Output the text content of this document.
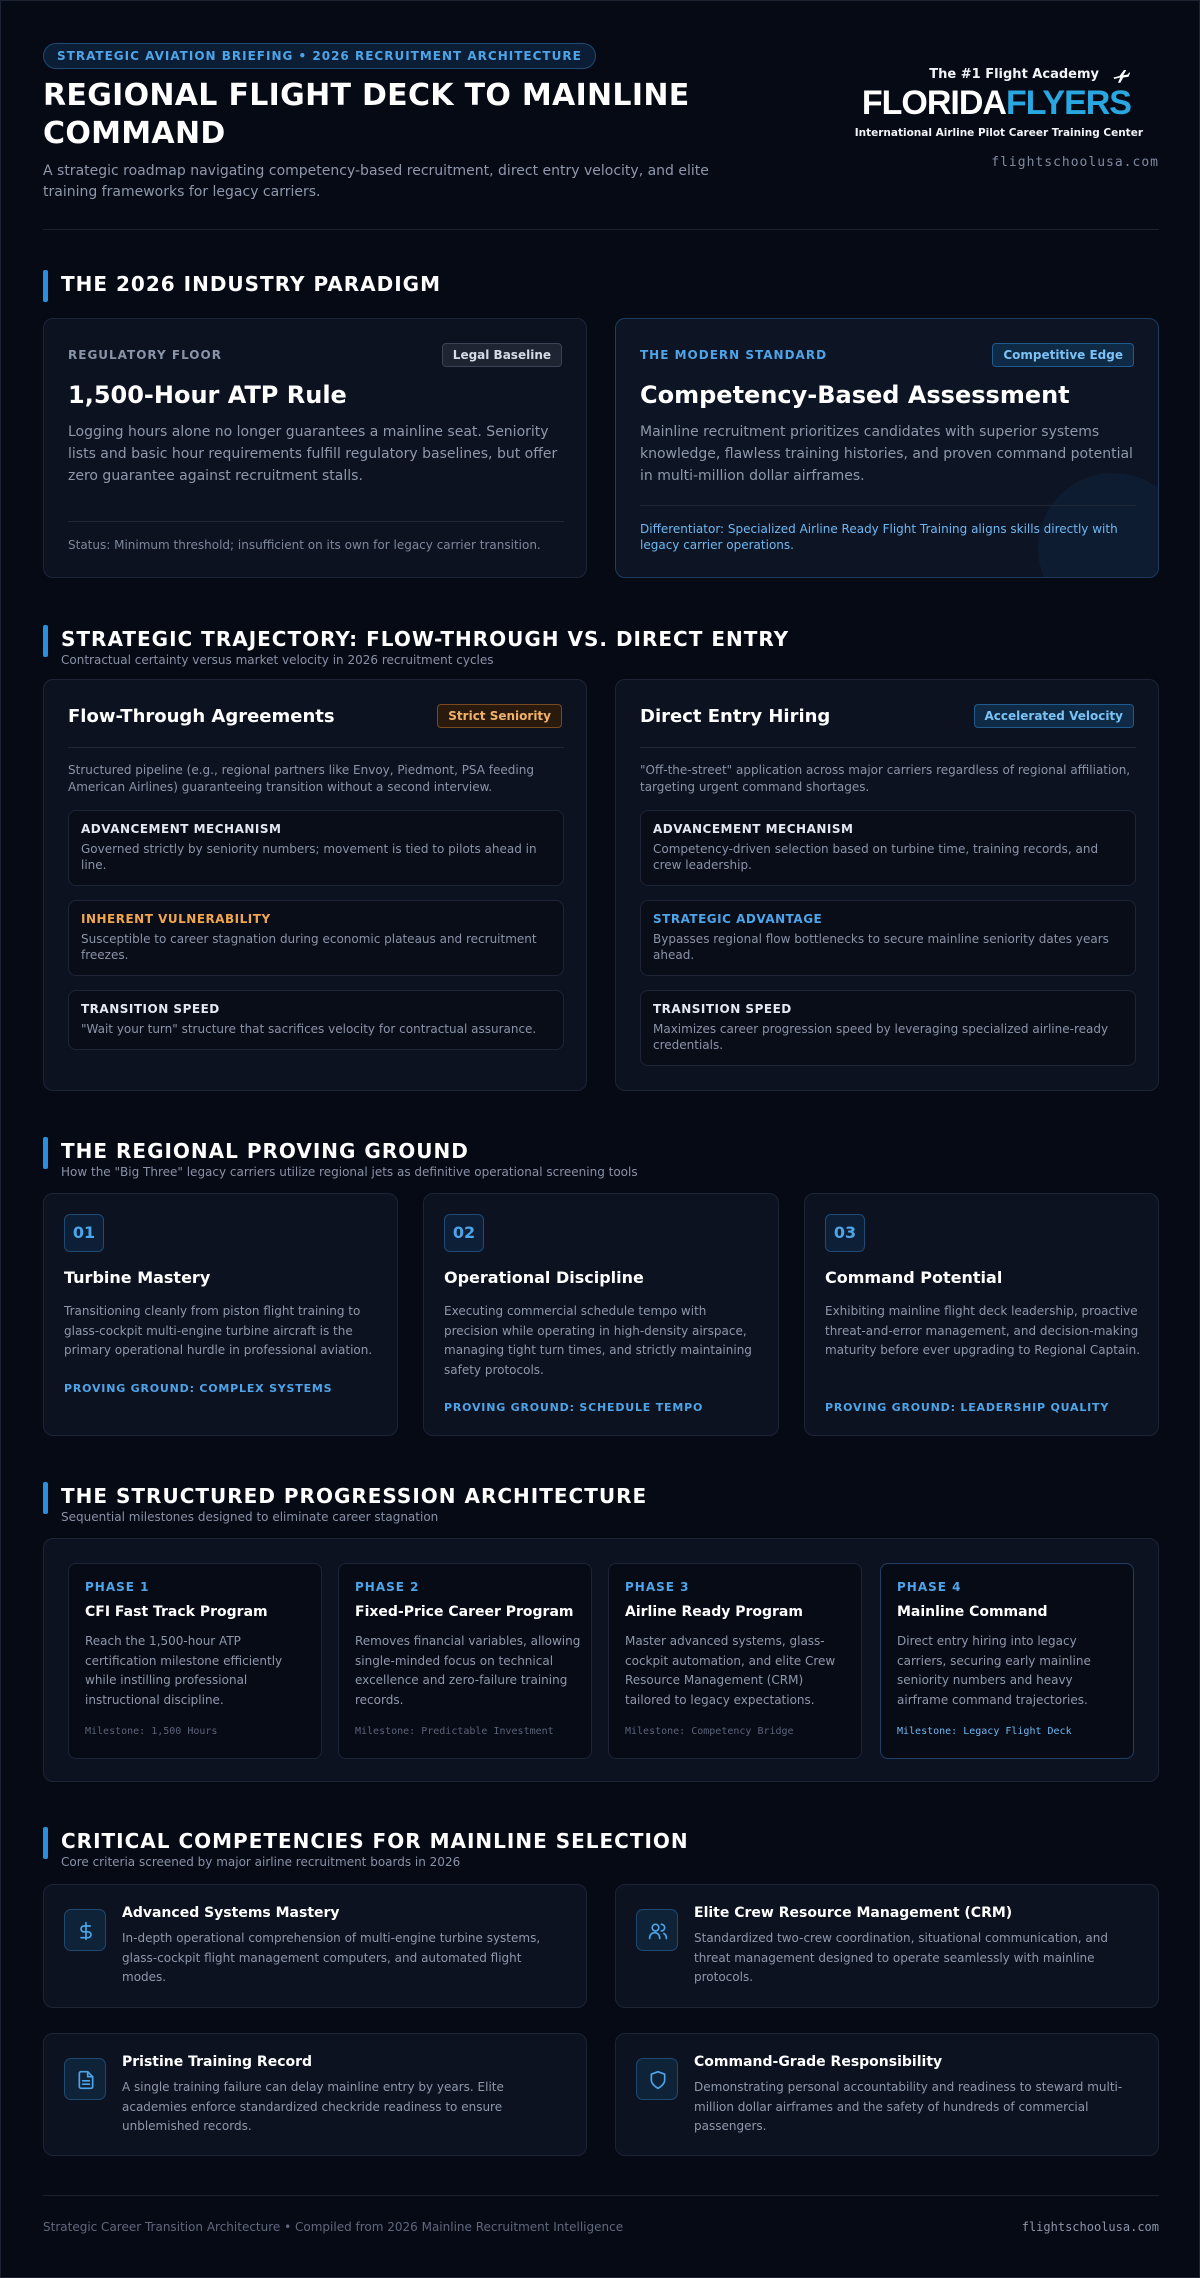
STRATEGIC AVIATION BRIEFING • 2026 RECRUITMENT ARCHITECTURE
REGIONAL FLIGHT DECK TO MAINLINE COMMAND
A strategic roadmap navigating competency-based recruitment, direct entry velocity, and elite training frameworks for legacy carriers.
The #1 Flight Academy
FLORIDAFLYERS
International Airline Pilot Career Training Center
flightschoolusa.com
THE 2026 INDUSTRY PARADIGM
REGULATORY FLOOR	Legal Baseline
1,500-Hour ATP Rule
Logging hours alone no longer guarantees a mainline seat. Seniority lists and basic hour requirements fulfill regulatory baselines, but offer zero guarantee against recruitment stalls.
Status: Minimum threshold; insufficient on its own for legacy carrier transition.
THE MODERN STANDARD	Competitive Edge
Competency-Based Assessment
Mainline recruitment prioritizes candidates with superior systems knowledge, flawless training histories, and proven command potential in multi-million dollar airframes.
Differentiator: Specialized Airline Ready Flight Training aligns skills directly with legacy carrier operations.
STRATEGIC TRAJECTORY: FLOW-THROUGH VS. DIRECT ENTRY
Contractual certainty versus market velocity in 2026 recruitment cycles
Flow-Through Agreements	Strict Seniority
Structured pipeline (e.g., regional partners like Envoy, Piedmont, PSA feeding American Airlines) guaranteeing transition without a second interview.
ADVANCEMENT MECHANISM
Governed strictly by seniority numbers; movement is tied to pilots ahead in line.
INHERENT VULNERABILITY
Susceptible to career stagnation during economic plateaus and recruitment freezes.
TRANSITION SPEED
"Wait your turn" structure that sacrifices velocity for contractual assurance.
Direct Entry Hiring	Accelerated Velocity
"Off-the-street" application across major carriers regardless of regional affiliation, targeting urgent command shortages.
ADVANCEMENT MECHANISM
Competency-driven selection based on turbine time, training records, and crew leadership.
STRATEGIC ADVANTAGE
Bypasses regional flow bottlenecks to secure mainline seniority dates years ahead.
TRANSITION SPEED
Maximizes career progression speed by leveraging specialized airline-ready credentials.
THE REGIONAL PROVING GROUND
How the "Big Three" legacy carriers utilize regional jets as definitive operational screening tools
01
Turbine Mastery
Transitioning cleanly from piston flight training to glass-cockpit multi-engine turbine aircraft is the primary operational hurdle in professional aviation.
PROVING GROUND: COMPLEX SYSTEMS
02
Operational Discipline
Executing commercial schedule tempo with precision while operating in high-density airspace, managing tight turn times, and strictly maintaining safety protocols.
PROVING GROUND: SCHEDULE TEMPO
03
Command Potential
Exhibiting mainline flight deck leadership, proactive threat-and-error management, and decision-making maturity before ever upgrading to Regional Captain.
PROVING GROUND: LEADERSHIP QUALITY
THE STRUCTURED PROGRESSION ARCHITECTURE
Sequential milestones designed to eliminate career stagnation
PHASE 1
CFI Fast Track Program
Reach the 1,500-hour ATP certification milestone efficiently while instilling professional instructional discipline.
Milestone: 1,500 Hours
PHASE 2
Fixed-Price Career Program
Removes financial variables, allowing single-minded focus on technical excellence and zero-failure training records.
Milestone: Predictable Investment
PHASE 3
Airline Ready Program
Master advanced systems, glass-cockpit automation, and elite Crew Resource Management (CRM) tailored to legacy expectations.
Milestone: Competency Bridge
PHASE 4
Mainline Command
Direct entry hiring into legacy carriers, securing early mainline seniority numbers and heavy airframe command trajectories.
Milestone: Legacy Flight Deck
CRITICAL COMPETENCIES FOR MAINLINE SELECTION
Core criteria screened by major airline recruitment boards in 2026
Advanced Systems Mastery
In-depth operational comprehension of multi-engine turbine systems, glass-cockpit flight management computers, and automated flight modes.
Elite Crew Resource Management (CRM)
Standardized two-crew coordination, situational communication, and threat management designed to operate seamlessly with mainline protocols.
Pristine Training Record
A single training failure can delay mainline entry by years. Elite academies enforce standardized checkride readiness to ensure unblemished records.
Command-Grade Responsibility
Demonstrating personal accountability and readiness to steward multi-million dollar airframes and the safety of hundreds of commercial passengers.
Strategic Career Transition Architecture • Compiled from 2026 Mainline Recruitment Intelligence	flightschoolusa.com
